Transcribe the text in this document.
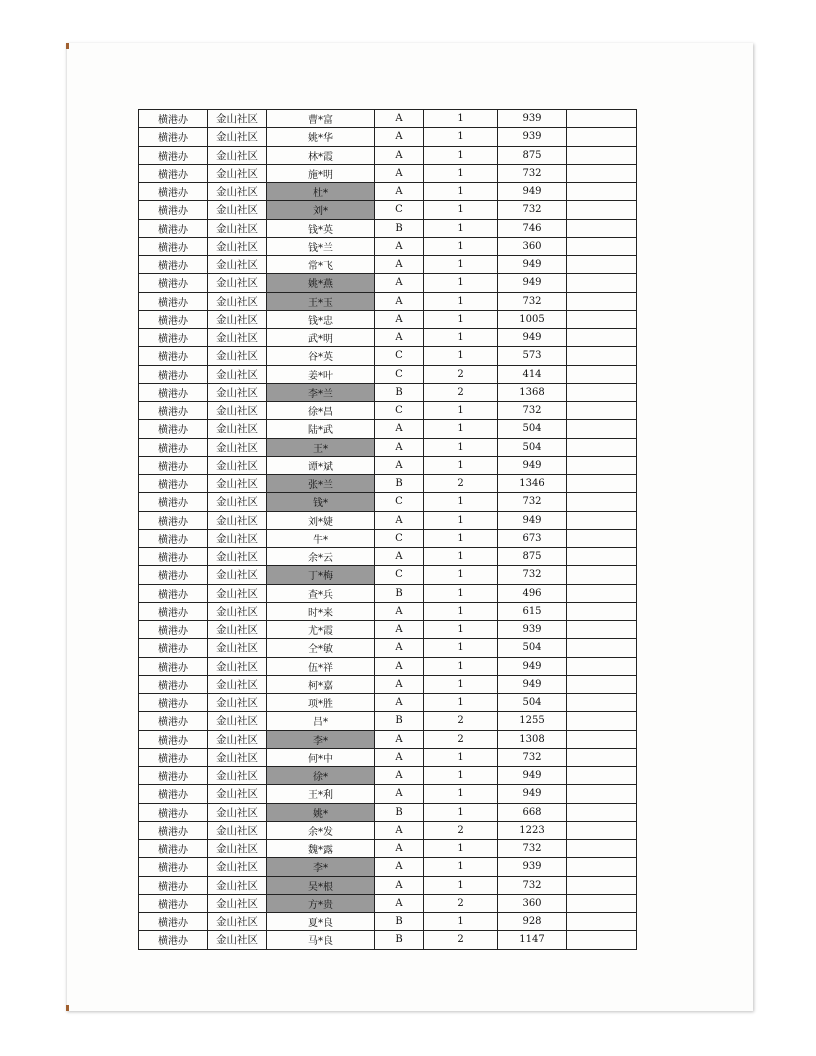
横港办	金山社区	曹*富	A	1	939	
横港办	金山社区	姚*华	A	1	939	
横港办	金山社区	林*霞	A	1	875	
横港办	金山社区	施*明	A	1	732	
横港办	金山社区	杜*	A	1	949	
横港办	金山社区	刘*	C	1	732	
横港办	金山社区	钱*英	B	1	746	
横港办	金山社区	钱*兰	A	1	360	
横港办	金山社区	常*飞	A	1	949	
横港办	金山社区	姚*燕	A	1	949	
横港办	金山社区	王*玉	A	1	732	
横港办	金山社区	钱*忠	A	1	1005	
横港办	金山社区	武*明	A	1	949	
横港办	金山社区	谷*英	C	1	573	
横港办	金山社区	姜*叶	C	2	414	
横港办	金山社区	李*兰	B	2	1368	
横港办	金山社区	徐*昌	C	1	732	
横港办	金山社区	陆*武	A	1	504	
横港办	金山社区	王*	A	1	504	
横港办	金山社区	谭*斌	A	1	949	
横港办	金山社区	张*兰	B	2	1346	
横港办	金山社区	钱*	C	1	732	
横港办	金山社区	刘*婕	A	1	949	
横港办	金山社区	牛*	C	1	673	
横港办	金山社区	余*云	A	1	875	
横港办	金山社区	丁*梅	C	1	732	
横港办	金山社区	查*兵	B	1	496	
横港办	金山社区	时*来	A	1	615	
横港办	金山社区	尤*霞	A	1	939	
横港办	金山社区	仝*敏	A	1	504	
横港办	金山社区	伍*祥	A	1	949	
横港办	金山社区	柯*嘉	A	1	949	
横港办	金山社区	项*胜	A	1	504	
横港办	金山社区	吕*	B	2	1255	
横港办	金山社区	李*	A	2	1308	
横港办	金山社区	何*中	A	1	732	
横港办	金山社区	徐*	A	1	949	
横港办	金山社区	王*利	A	1	949	
横港办	金山社区	姚*	B	1	668	
横港办	金山社区	余*发	A	2	1223	
横港办	金山社区	魏*露	A	1	732	
横港办	金山社区	李*	A	1	939	
横港办	金山社区	吴*根	A	1	732	
横港办	金山社区	方*贵	A	2	360	
横港办	金山社区	夏*良	B	1	928	
横港办	金山社区	马*良	B	2	1147	
